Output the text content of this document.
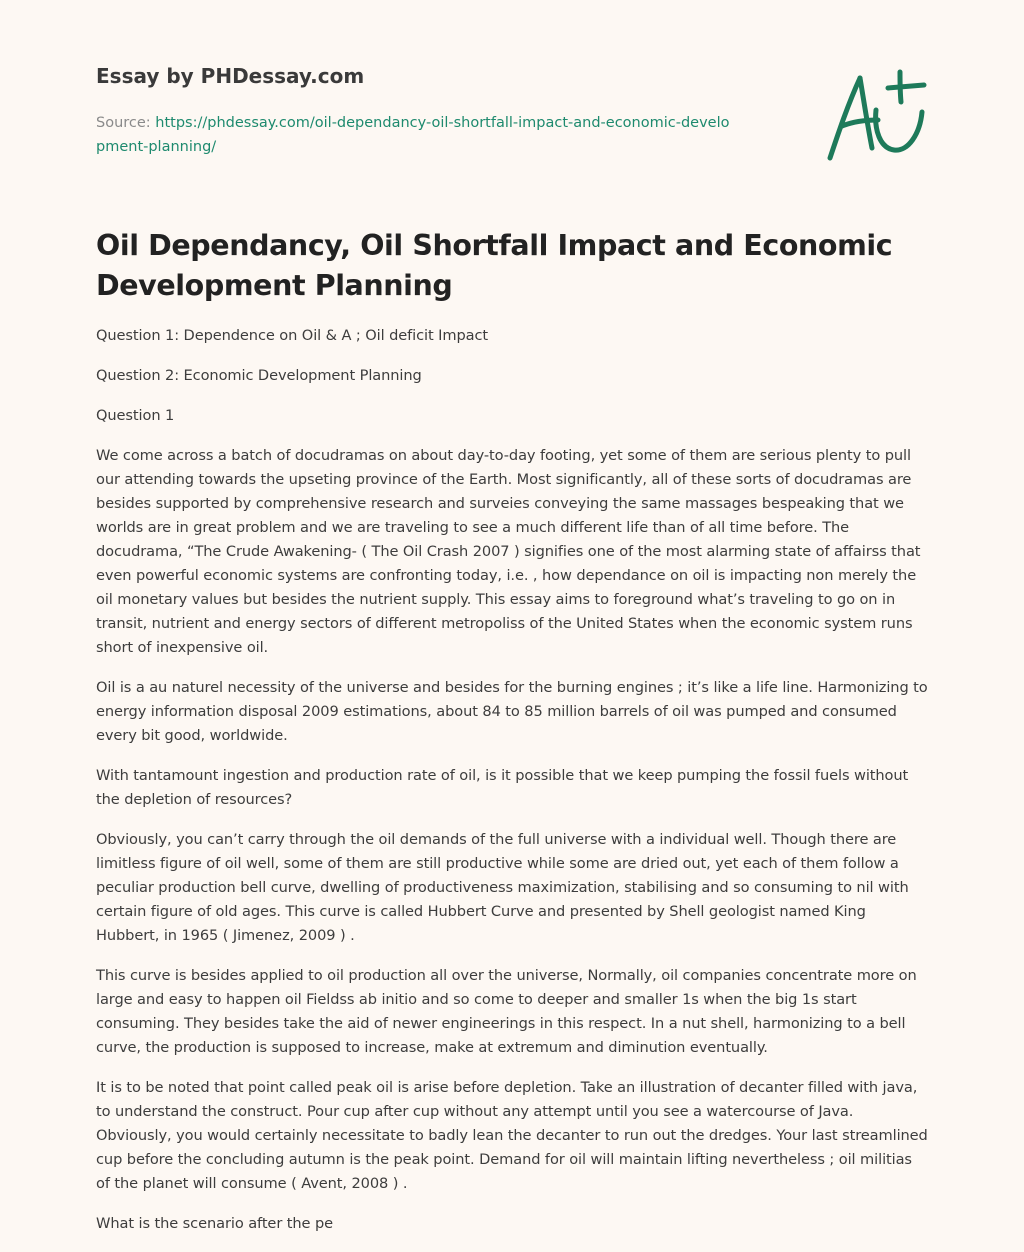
Essay by PHDessay.com
Source: https://phdessay.com/oil-dependancy-oil-shortfall-impact-and-economic-development-planning/
Oil Dependancy, Oil Shortfall Impact and Economic Development Planning

Question 1: Dependence on Oil & A ; Oil deficit Impact

Question 2: Economic Development Planning

Question 1

We come across a batch of docudramas on about day-to-day footing, yet some of them are serious plenty to pull our attending towards the upseting province of the Earth. Most significantly, all of these sorts of docudramas are besides supported by comprehensive research and surveies conveying the same massages bespeaking that we worlds are in great problem and we are traveling to see a much different life than of all time before. The docudrama, “The Crude Awakening- ( The Oil Crash 2007 ) signifies one of the most alarming state of affairss that even powerful economic systems are confronting today, i.e. , how dependance on oil is impacting non merely the oil monetary values but besides the nutrient supply. This essay aims to foreground what’s traveling to go on in transit, nutrient and energy sectors of different metropoliss of the United States when the economic system runs short of inexpensive oil.

Oil is a au naturel necessity of the universe and besides for the burning engines ; it’s like a life line. Harmonizing to energy information disposal 2009 estimations, about 84 to 85 million barrels of oil was pumped and consumed every bit good, worldwide.

With tantamount ingestion and production rate of oil, is it possible that we keep pumping the fossil fuels without the depletion of resources?

Obviously, you can’t carry through the oil demands of the full universe with a individual well. Though there are limitless figure of oil well, some of them are still productive while some are dried out, yet each of them follow a peculiar production bell curve, dwelling of productiveness maximization, stabilising and so consuming to nil with certain figure of old ages. This curve is called Hubbert Curve and presented by Shell geologist named King Hubbert, in 1965 ( Jimenez, 2009 ) .

This curve is besides applied to oil production all over the universe, Normally, oil companies concentrate more on large and easy to happen oil Fieldss ab initio and so come to deeper and smaller 1s when the big 1s start consuming. They besides take the aid of newer engineerings in this respect. In a nut shell, harmonizing to a bell curve, the production is supposed to increase, make at extremum and diminution eventually.

It is to be noted that point called peak oil is arise before depletion. Take an illustration of decanter filled with java, to understand the construct. Pour cup after cup without any attempt until you see a watercourse of Java. Obviously, you would certainly necessitate to badly lean the decanter to run out the dredges. Your last streamlined cup before the concluding autumn is the peak point. Demand for oil will maintain lifting nevertheless ; oil militias of the planet will consume ( Avent, 2008 ) .

What is the scenario after the pe
